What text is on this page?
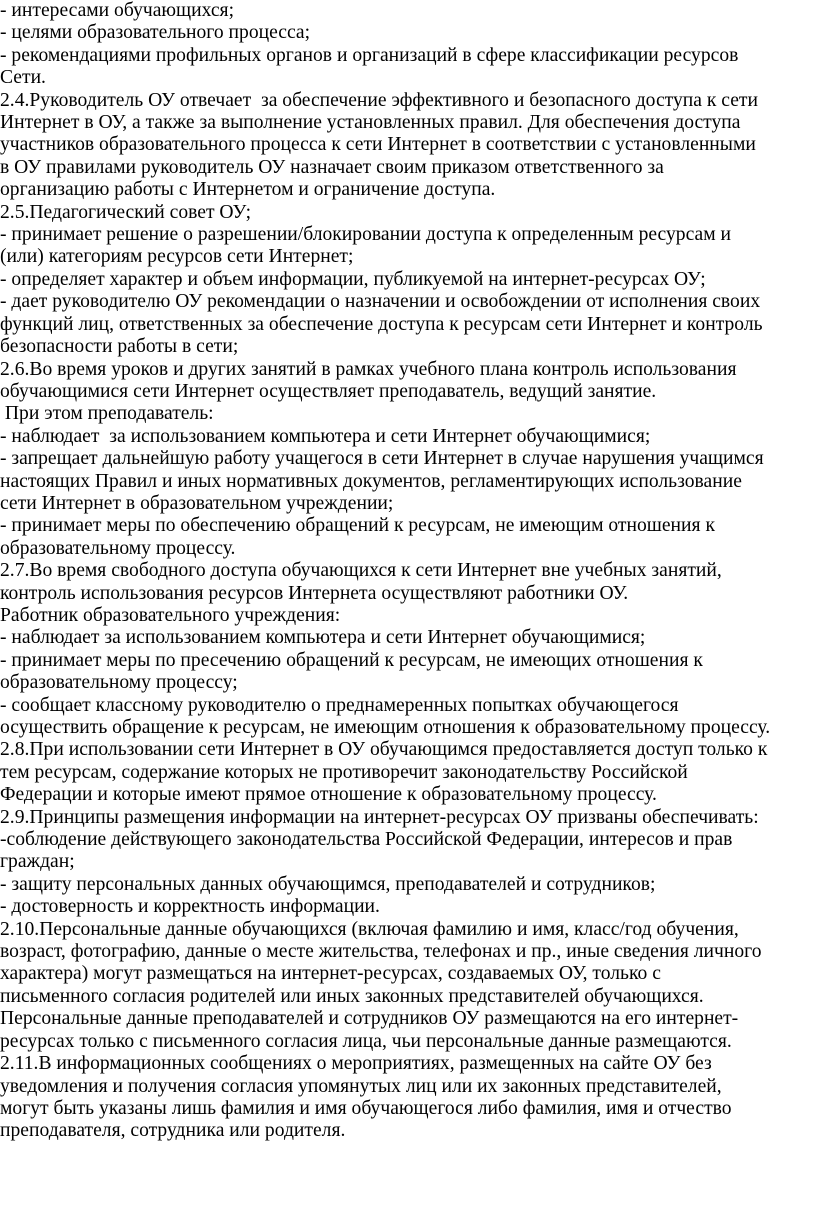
- интересами обучающихся;
- целями образовательного процесса;
- рекомендациями профильных органов и организаций в сфере классификации ресурсов
Сети.
2.4.Руководитель ОУ отвечает  за обеспечение эффективного и безопасного доступа к сети
Интернет в ОУ, а также за выполнение установленных правил. Для обеспечения доступа
участников образовательного процесса к сети Интернет в соответствии с установленными
в ОУ правилами руководитель ОУ назначает своим приказом ответственного за
организацию работы с Интернетом и ограничение доступа.
2.5.Педагогический совет ОУ;
- принимает решение о разрешении/блокировании доступа к определенным ресурсам и
(или) категориям ресурсов сети Интернет;
- определяет характер и объем информации, публикуемой на интернет-ресурсах ОУ;
- дает руководителю ОУ рекомендации о назначении и освобождении от исполнения своих
функций лиц, ответственных за обеспечение доступа к ресурсам сети Интернет и контроль
безопасности работы в сети;
2.6.Во время уроков и других занятий в рамках учебного плана контроль использования
обучающимися сети Интернет осуществляет преподаватель, ведущий занятие.
При этом преподаватель:
- наблюдает  за использованием компьютера и сети Интернет обучающимися;
- запрещает дальнейшую работу учащегося в сети Интернет в случае нарушения учащимся
настоящих Правил и иных нормативных документов, регламентирующих использование
сети Интернет в образовательном учреждении;
- принимает меры по обеспечению обращений к ресурсам, не имеющим отношения к
образовательному процессу.
2.7.Во время свободного доступа обучающихся к сети Интернет вне учебных занятий,
контроль использования ресурсов Интернета осуществляют работники ОУ.
Работник образовательного учреждения:
- наблюдает за использованием компьютера и сети Интернет обучающимися;
- принимает меры по пресечению обращений к ресурсам, не имеющих отношения к
образовательному процессу;
- сообщает классному руководителю о преднамеренных попытках обучающегося
осуществить обращение к ресурсам, не имеющим отношения к образовательному процессу.
2.8.При использовании сети Интернет в ОУ обучающимся предоставляется доступ только к
тем ресурсам, содержание которых не противоречит законодательству Российской
Федерации и которые имеют прямое отношение к образовательному процессу.
2.9.Принципы размещения информации на интернет-ресурсах ОУ призваны обеспечивать:
-соблюдение действующего законодательства Российской Федерации, интересов и прав
граждан;
- защиту персональных данных обучающимся, преподавателей и сотрудников;
- достоверность и корректность информации.
2.10.Персональные данные обучающихся (включая фамилию и имя, класс/год обучения,
возраст, фотографию, данные о месте жительства, телефонах и пр., иные сведения личного
характера) могут размещаться на интернет-ресурсах, создаваемых ОУ, только с
письменного согласия родителей или иных законных представителей обучающихся.
Персональные данные преподавателей и сотрудников ОУ размещаются на его интернет-
ресурсах только с письменного согласия лица, чьи персональные данные размещаются.
2.11.В информационных сообщениях о мероприятиях, размещенных на сайте ОУ без
уведомления и получения согласия упомянутых лиц или их законных представителей,
могут быть указаны лишь фамилия и имя обучающегося либо фамилия, имя и отчество
преподавателя, сотрудника или родителя.
